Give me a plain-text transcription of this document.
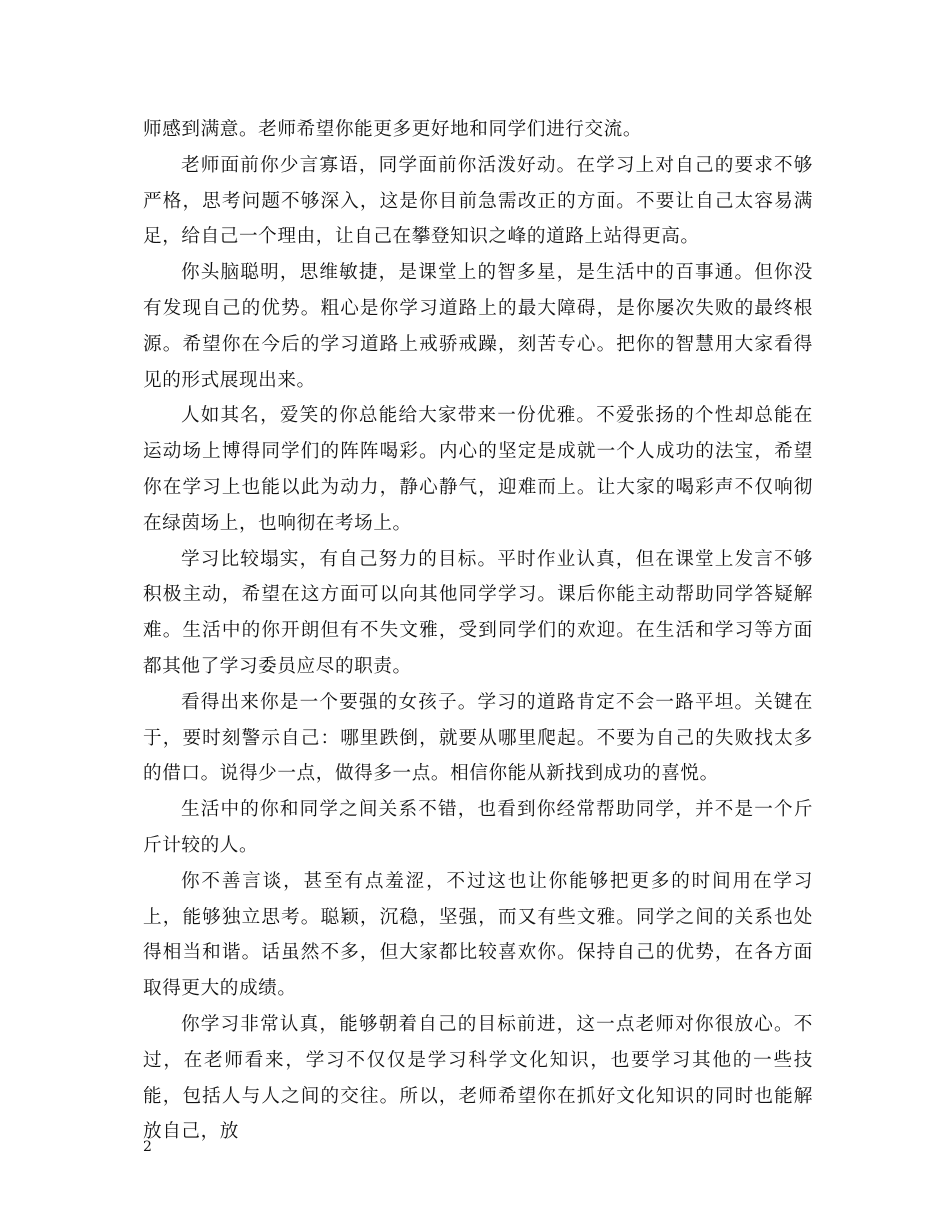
师感到满意。老师希望你能更多更好地和同学们进行交流。

老师面前你少言寡语，同学面前你活泼好动。在学习上对自己的要求不够严格，思考问题不够深入，这是你目前急需改正的方面。不要让自己太容易满足，给自己一个理由，让自己在攀登知识之峰的道路上站得更高。

你头脑聪明，思维敏捷，是课堂上的智多星，是生活中的百事通。但你没有发现自己的优势。粗心是你学习道路上的最大障碍，是你屡次失败的最终根源。希望你在今后的学习道路上戒骄戒躁，刻苦专心。把你的智慧用大家看得见的形式展现出来。

人如其名，爱笑的你总能给大家带来一份优雅。不爱张扬的个性却总能在运动场上博得同学们的阵阵喝彩。内心的坚定是成就一个人成功的法宝，希望你在学习上也能以此为动力，静心静气，迎难而上。让大家的喝彩声不仅响彻在绿茵场上，也响彻在考场上。

学习比较塌实，有自己努力的目标。平时作业认真，但在课堂上发言不够积极主动，希望在这方面可以向其他同学学习。课后你能主动帮助同学答疑解难。生活中的你开朗但有不失文雅，受到同学们的欢迎。在生活和学习等方面都其他了学习委员应尽的职责。

看得出来你是一个要强的女孩子。学习的道路肯定不会一路平坦。关键在于，要时刻警示自己：哪里跌倒，就要从哪里爬起。不要为自己的失败找太多的借口。说得少一点，做得多一点。相信你能从新找到成功的喜悦。

生活中的你和同学之间关系不错，也看到你经常帮助同学，并不是一个斤斤计较的人。

你不善言谈，甚至有点羞涩，不过这也让你能够把更多的时间用在学习上，能够独立思考。聪颖，沉稳，坚强，而又有些文雅。同学之间的关系也处得相当和谐。话虽然不多，但大家都比较喜欢你。保持自己的优势，在各方面取得更大的成绩。

你学习非常认真，能够朝着自己的目标前进，这一点老师对你很放心。不过，在老师看来，学习不仅仅是学习科学文化知识，也要学习其他的一些技能，包括人与人之间的交往。所以，老师希望你在抓好文化知识的同时也能解放自己，放

2
